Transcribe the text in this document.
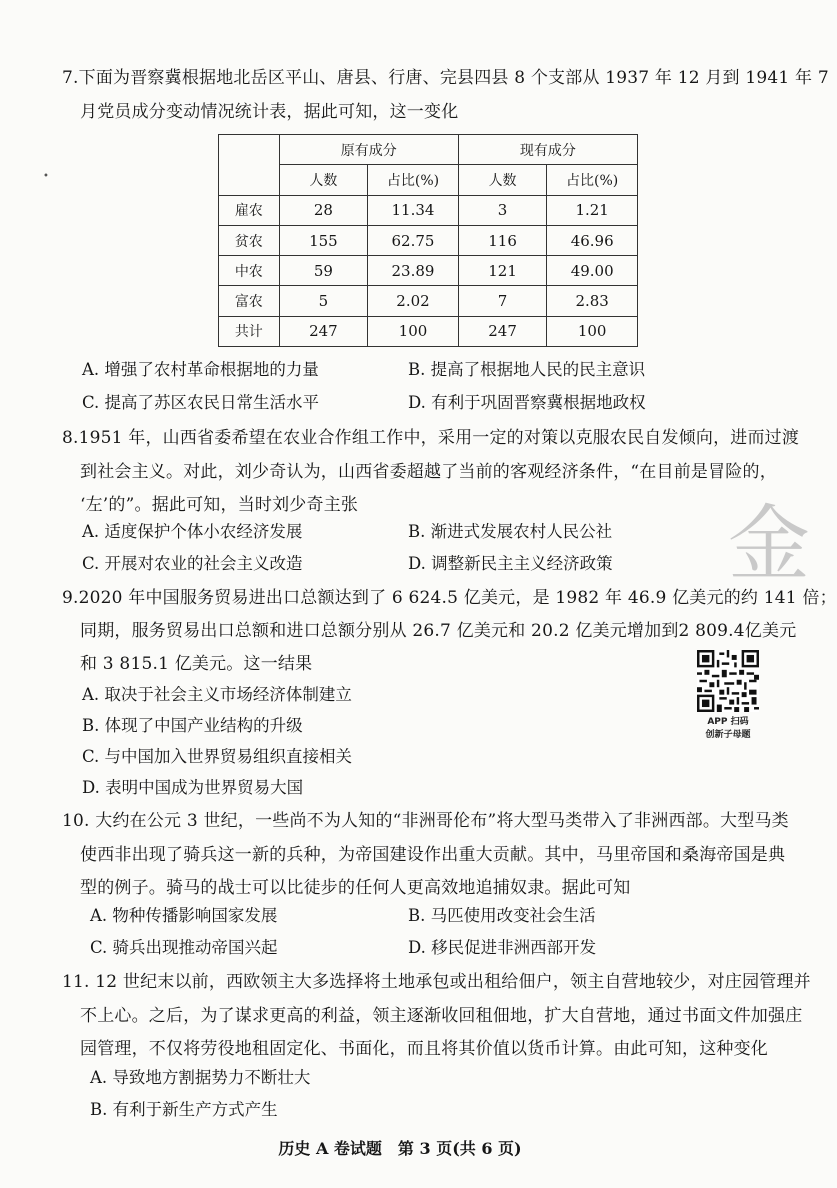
•
7.下面为晋察冀根据地北岳区平山、唐县、行唐、完县四县 8 个支部从 1937 年 12 月到 1941 年 7
月党员成分变动情况统计表，据此可知，这一变化
	原有成分		现有成分	
	人数	占比(%)	人数	占比(%)
雇农	28	11.34	3	1.21
贫农	155	62.75	116	46.96
中农	59	23.89	121	49.00
富农	5	2.02	7	2.83
共计	247	100	247	100
A. 增强了农村革命根据地的力量	B. 提高了根据地人民的民主意识
C. 提高了苏区农民日常生活水平	D. 有利于巩固晋察冀根据地政权
8.1951 年，山西省委希望在农业合作组工作中，采用一定的对策以克服农民自发倾向，进而过渡
到社会主义。对此，刘少奇认为，山西省委超越了当前的客观经济条件，“在目前是冒险的，
‘左’的”。据此可知，当时刘少奇主张
A. 适度保护个体小农经济发展	B. 渐进式发展农村人民公社
C. 开展对农业的社会主义改造	D. 调整新民主主义经济政策
9.2020 年中国服务贸易进出口总额达到了 6 624.5 亿美元，是 1982 年 46.9 亿美元的约 141 倍；
同期，服务贸易出口总额和进口总额分别从 26.7 亿美元和 20.2 亿美元增加到2 809.4亿美元
和 3 815.1 亿美元。这一结果
A. 取决于社会主义市场经济体制建立
B. 体现了中国产业结构的升级
C. 与中国加入世界贸易组织直接相关
D. 表明中国成为世界贸易大国
APP 扫码
创新子母题
金
10. 大约在公元 3 世纪，一些尚不为人知的“非洲哥伦布”将大型马类带入了非洲西部。大型马类
使西非出现了骑兵这一新的兵种，为帝国建设作出重大贡献。其中，马里帝国和桑海帝国是典
型的例子。骑马的战士可以比徒步的任何人更高效地追捕奴隶。据此可知
A. 物种传播影响国家发展	B. 马匹使用改变社会生活
C. 骑兵出现推动帝国兴起	D. 移民促进非洲西部开发
11. 12 世纪末以前，西欧领主大多选择将土地承包或出租给佃户，领主自营地较少，对庄园管理并
不上心。之后，为了谋求更高的利益，领主逐渐收回租佃地，扩大自营地，通过书面文件加强庄
园管理，不仅将劳役地租固定化、书面化，而且将其价值以货币计算。由此可知，这种变化
A. 导致地方割据势力不断壮大
B. 有利于新生产方式产生
历史 A 卷试题　第 3 页(共 6 页)
